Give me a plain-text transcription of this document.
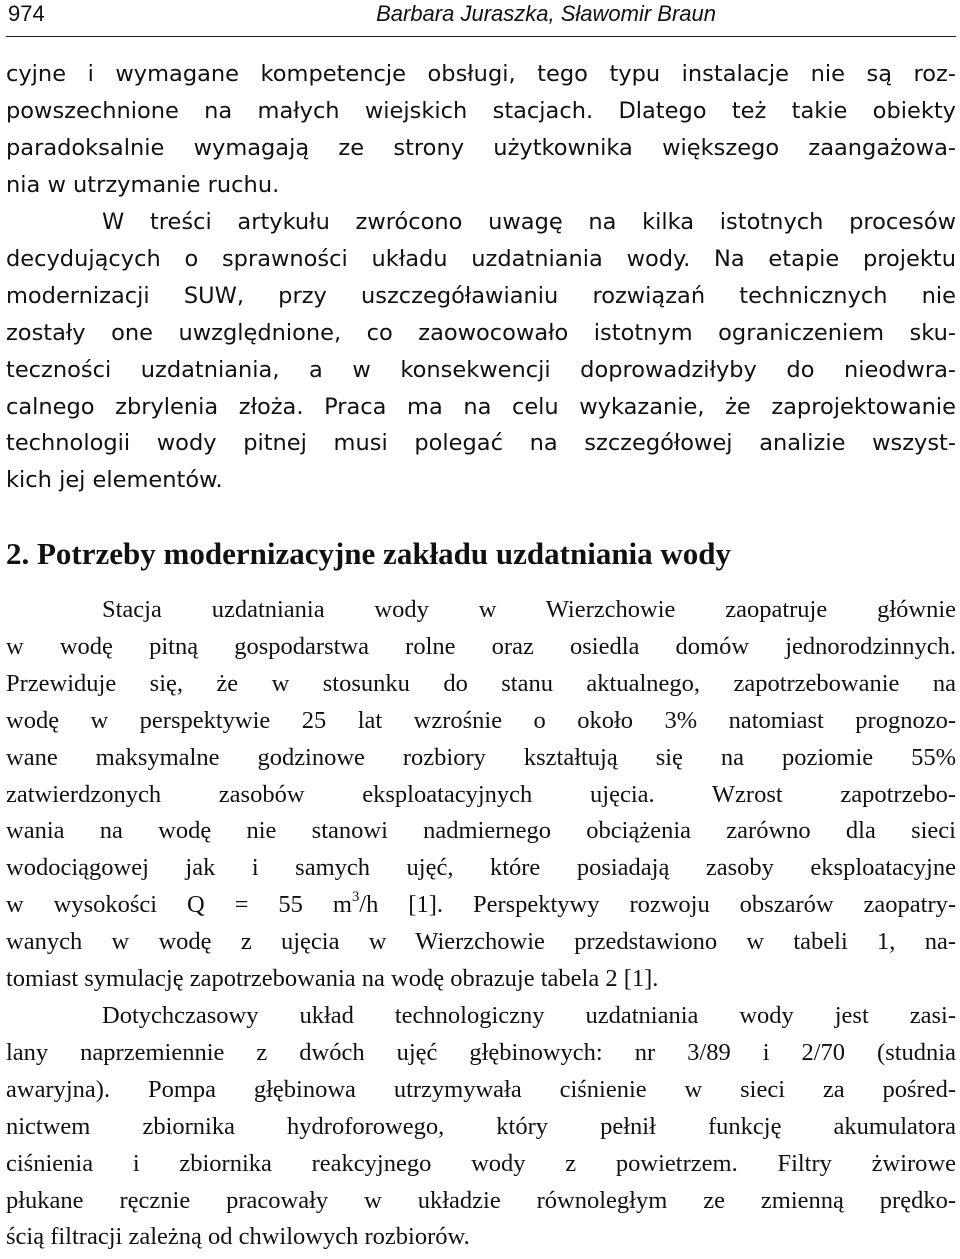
974	Barbara Juraszka, Sławomir Braun
cyjne i wymagane kompetencje obsługi, tego typu instalacje nie są roz-
powszechnione na małych wiejskich stacjach. Dlatego też takie obiekty
paradoksalnie wymagają ze strony użytkownika większego zaangażowa-
nia w utrzymanie ruchu.
W treści artykułu zwrócono uwagę na kilka istotnych procesów
decydujących o sprawności układu uzdatniania wody. Na etapie projektu
modernizacji SUW, przy uszczegóławianiu rozwiązań technicznych nie
zostały one uwzględnione, co zaowocowało istotnym ograniczeniem sku-
teczności uzdatniania, a w konsekwencji doprowadziłyby do nieodwra-
calnego zbrylenia złoża. Praca ma na celu wykazanie, że zaprojektowanie
technologii wody pitnej musi polegać na szczegółowej analizie wszyst-
kich jej elementów.
2. Potrzeby modernizacyjne zakładu uzdatniania wody
Stacja uzdatniania wody w Wierzchowie zaopatruje głównie
w wodę pitną gospodarstwa rolne oraz osiedla domów jednorodzinnych.
Przewiduje się, że w stosunku do stanu aktualnego, zapotrzebowanie na
wodę w perspektywie 25 lat wzrośnie o około 3% natomiast prognozo-
wane maksymalne godzinowe rozbiory kształtują się na poziomie 55%
zatwierdzonych zasobów eksploatacyjnych ujęcia. Wzrost zapotrzebo-
wania na wodę nie stanowi nadmiernego obciążenia zarówno dla sieci
wodociągowej jak i samych ujęć, które posiadają zasoby eksploatacyjne
w wysokości Q = 55 $m^3/h$ [1]. Perspektywy rozwoju obszarów zaopatry-
wanych w wodę z ujęcia w Wierzchowie przedstawiono w tabeli 1, na-
tomiast symulację zapotrzebowania na wodę obrazuje tabela 2 [1].
Dotychczasowy układ technologiczny uzdatniania wody jest zasi-
lany naprzemiennie z dwóch ujęć głębinowych: nr 3/89 i 2/70 (studnia
awaryjna). Pompa głębinowa utrzymywała ciśnienie w sieci za pośred-
nictwem zbiornika hydroforowego, który pełnił funkcję akumulatora
ciśnienia i zbiornika reakcyjnego wody z powietrzem. Filtry żwirowe
płukane ręcznie pracowały w układzie równoległym ze zmienną prędko-
ścią filtracji zależną od chwilowych rozbiorów.
